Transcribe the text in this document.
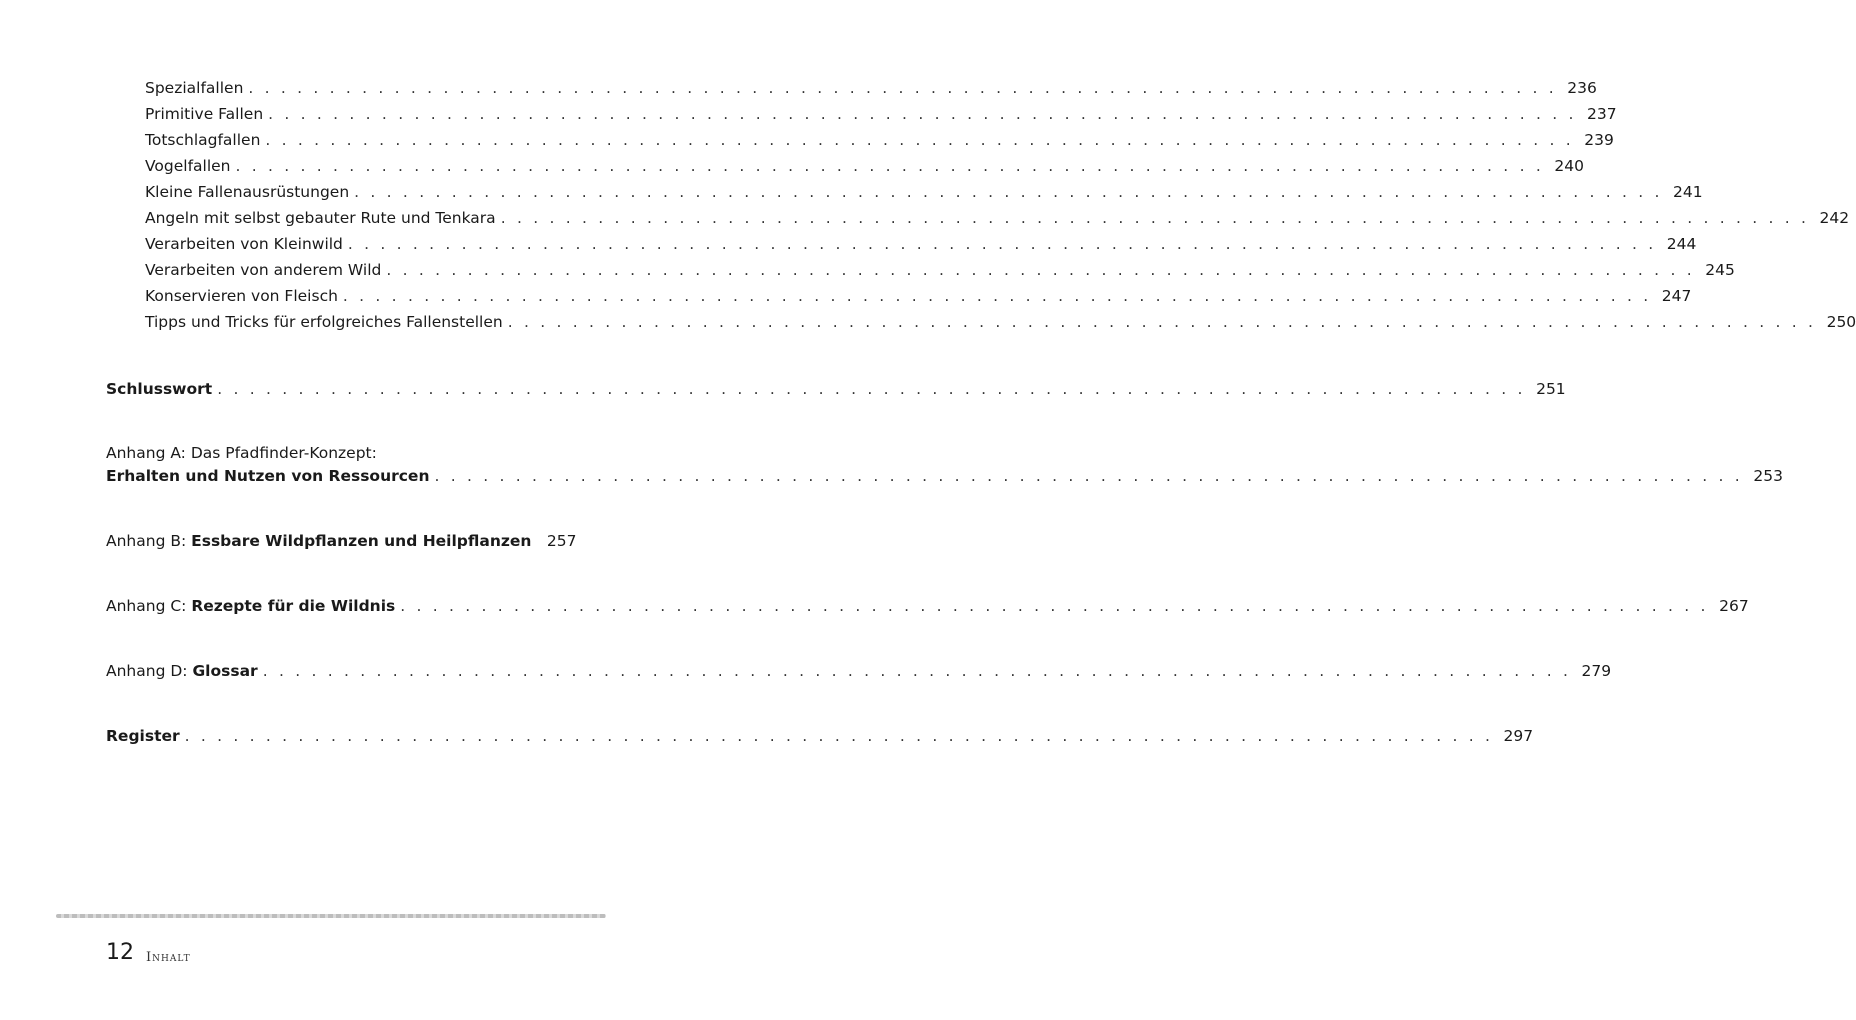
Spezialfallen . . . . . . . . . . . . . . . . . . . . . . . . . . . . . . . . . . . . . . . . . . . . . . . . . . . . . . . . . . . . . . . . . . . . . . . . . . . . . . . . . 236
Primitive Fallen . . . . . . . . . . . . . . . . . . . . . . . . . . . . . . . . . . . . . . . . . . . . . . . . . . . . . . . . . . . . . . . . . . . . . . . . . . . . . . . . . 237
Totschlagfallen . . . . . . . . . . . . . . . . . . . . . . . . . . . . . . . . . . . . . . . . . . . . . . . . . . . . . . . . . . . . . . . . . . . . . . . . . . . . . . . . . 239
Vogelfallen . . . . . . . . . . . . . . . . . . . . . . . . . . . . . . . . . . . . . . . . . . . . . . . . . . . . . . . . . . . . . . . . . . . . . . . . . . . . . . . . . 240
Kleine Fallenausrüstungen . . . . . . . . . . . . . . . . . . . . . . . . . . . . . . . . . . . . . . . . . . . . . . . . . . . . . . . . . . . . . . . . . . . . . . . . . . . . . . . . . 241
Angeln mit selbst gebauter Rute und Tenkara . . . . . . . . . . . . . . . . . . . . . . . . . . . . . . . . . . . . . . . . . . . . . . . . . . . . . . . . . . . . . . . . . . . . . . . . . . . . . . . . . 242
Verarbeiten von Kleinwild . . . . . . . . . . . . . . . . . . . . . . . . . . . . . . . . . . . . . . . . . . . . . . . . . . . . . . . . . . . . . . . . . . . . . . . . . . . . . . . . . 244
Verarbeiten von anderem Wild . . . . . . . . . . . . . . . . . . . . . . . . . . . . . . . . . . . . . . . . . . . . . . . . . . . . . . . . . . . . . . . . . . . . . . . . . . . . . . . . . 245
Konservieren von Fleisch . . . . . . . . . . . . . . . . . . . . . . . . . . . . . . . . . . . . . . . . . . . . . . . . . . . . . . . . . . . . . . . . . . . . . . . . . . . . . . . . . 247
Tipps und Tricks für erfolgreiches Fallenstellen . . . . . . . . . . . . . . . . . . . . . . . . . . . . . . . . . . . . . . . . . . . . . . . . . . . . . . . . . . . . . . . . . . . . . . . . . . . . . . . . . 250
Schlusswort . . . . . . . . . . . . . . . . . . . . . . . . . . . . . . . . . . . . . . . . . . . . . . . . . . . . . . . . . . . . . . . . . . . . . . . . . . . . . . . . . 251
Anhang A: Das Pfadfinder-Konzept:
Erhalten und Nutzen von Ressourcen . . . . . . . . . . . . . . . . . . . . . . . . . . . . . . . . . . . . . . . . . . . . . . . . . . . . . . . . . . . . . . . . . . . . . . . . . . . . . . . . . 253
Anhang B: Essbare Wildpflanzen und Heilpflanzen 257
Anhang C: Rezepte für die Wildnis . . . . . . . . . . . . . . . . . . . . . . . . . . . . . . . . . . . . . . . . . . . . . . . . . . . . . . . . . . . . . . . . . . . . . . . . . . . . . . . . . 267
Anhang D: Glossar . . . . . . . . . . . . . . . . . . . . . . . . . . . . . . . . . . . . . . . . . . . . . . . . . . . . . . . . . . . . . . . . . . . . . . . . . . . . . . . . . 279
Register . . . . . . . . . . . . . . . . . . . . . . . . . . . . . . . . . . . . . . . . . . . . . . . . . . . . . . . . . . . . . . . . . . . . . . . . . . . . . . . . . 297
12 Inhalt
